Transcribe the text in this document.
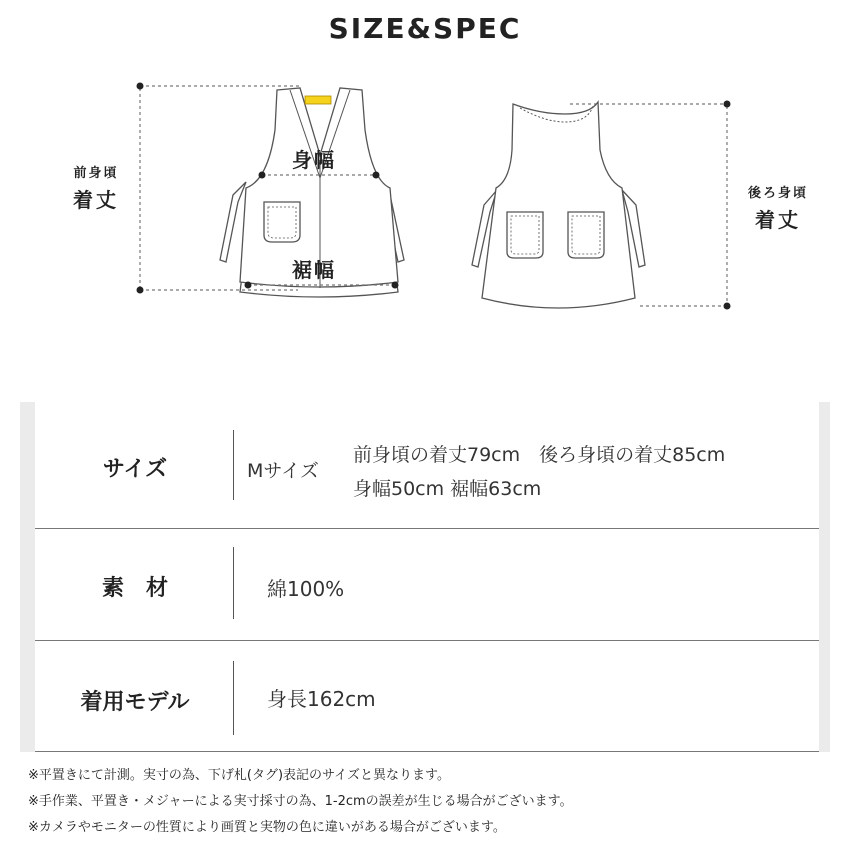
SIZE&SPEC
前身頃
着丈	後ろ身頃
着丈
身幅
裾幅
サイズ	Mサイズ
前身頃の着丈79cm　後ろ身頃の着丈85cm
身幅50cm 裾幅63cm
素　材	綿100%
着用モデル	身長162cm
※平置きにて計測。実寸の為、下げ札(タグ)表記のサイズと異なります。
※手作業、平置き・メジャーによる実寸採寸の為、1-2cmの誤差が生じる場合がございます。
※カメラやモニターの性質により画質と実物の色に違いがある場合がございます。
